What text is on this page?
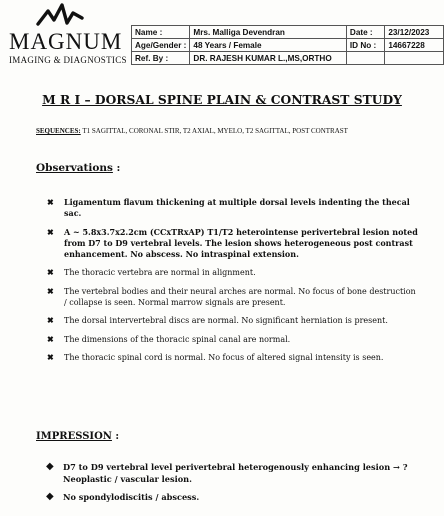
MAGNUM
IMAGING & DIAGNOSTICS
Name :	Mrs. Malliga Devendran	Date :	23/12/2023
Age/Gender :	48 Years / Female	ID No :	14667228
Ref. By :	DR. RAJESH KUMAR L.,MS,ORTHO		
M R I – DORSAL SPINE PLAIN & CONTRAST STUDY
SEQUENCES: T1 SAGITTAL, CORONAL STIR, T2 AXIAL, MYELO, T2 SAGITTAL, POST CONTRAST
Observations :
✖ Ligamentum flavum thickening at multiple dorsal levels indenting the thecal sac.
✖ A ~ 5.8x3.7x2.2cm (CCxTRxAP) T1/T2 heterointense perivertebral lesion noted from D7 to D9 vertebral levels. The lesion shows heterogeneous post contrast enhancement. No abscess. No intraspinal extension.
✖ The thoracic vertebra are normal in alignment.
✖ The vertebral bodies and their neural arches are normal. No focus of bone destruction / collapse is seen. Normal marrow signals are present.
✖ The dorsal intervertebral discs are normal. No significant herniation is present.
✖ The dimensions of the thoracic spinal canal are normal.
✖ The thoracic spinal cord is normal. No focus of altered signal intensity is seen.
IMPRESSION :
◆ D7 to D9 vertebral level perivertebral heterogenously enhancing lesion → ? Neoplastic / vascular lesion.
◆ No spondylodiscitis / abscess.
